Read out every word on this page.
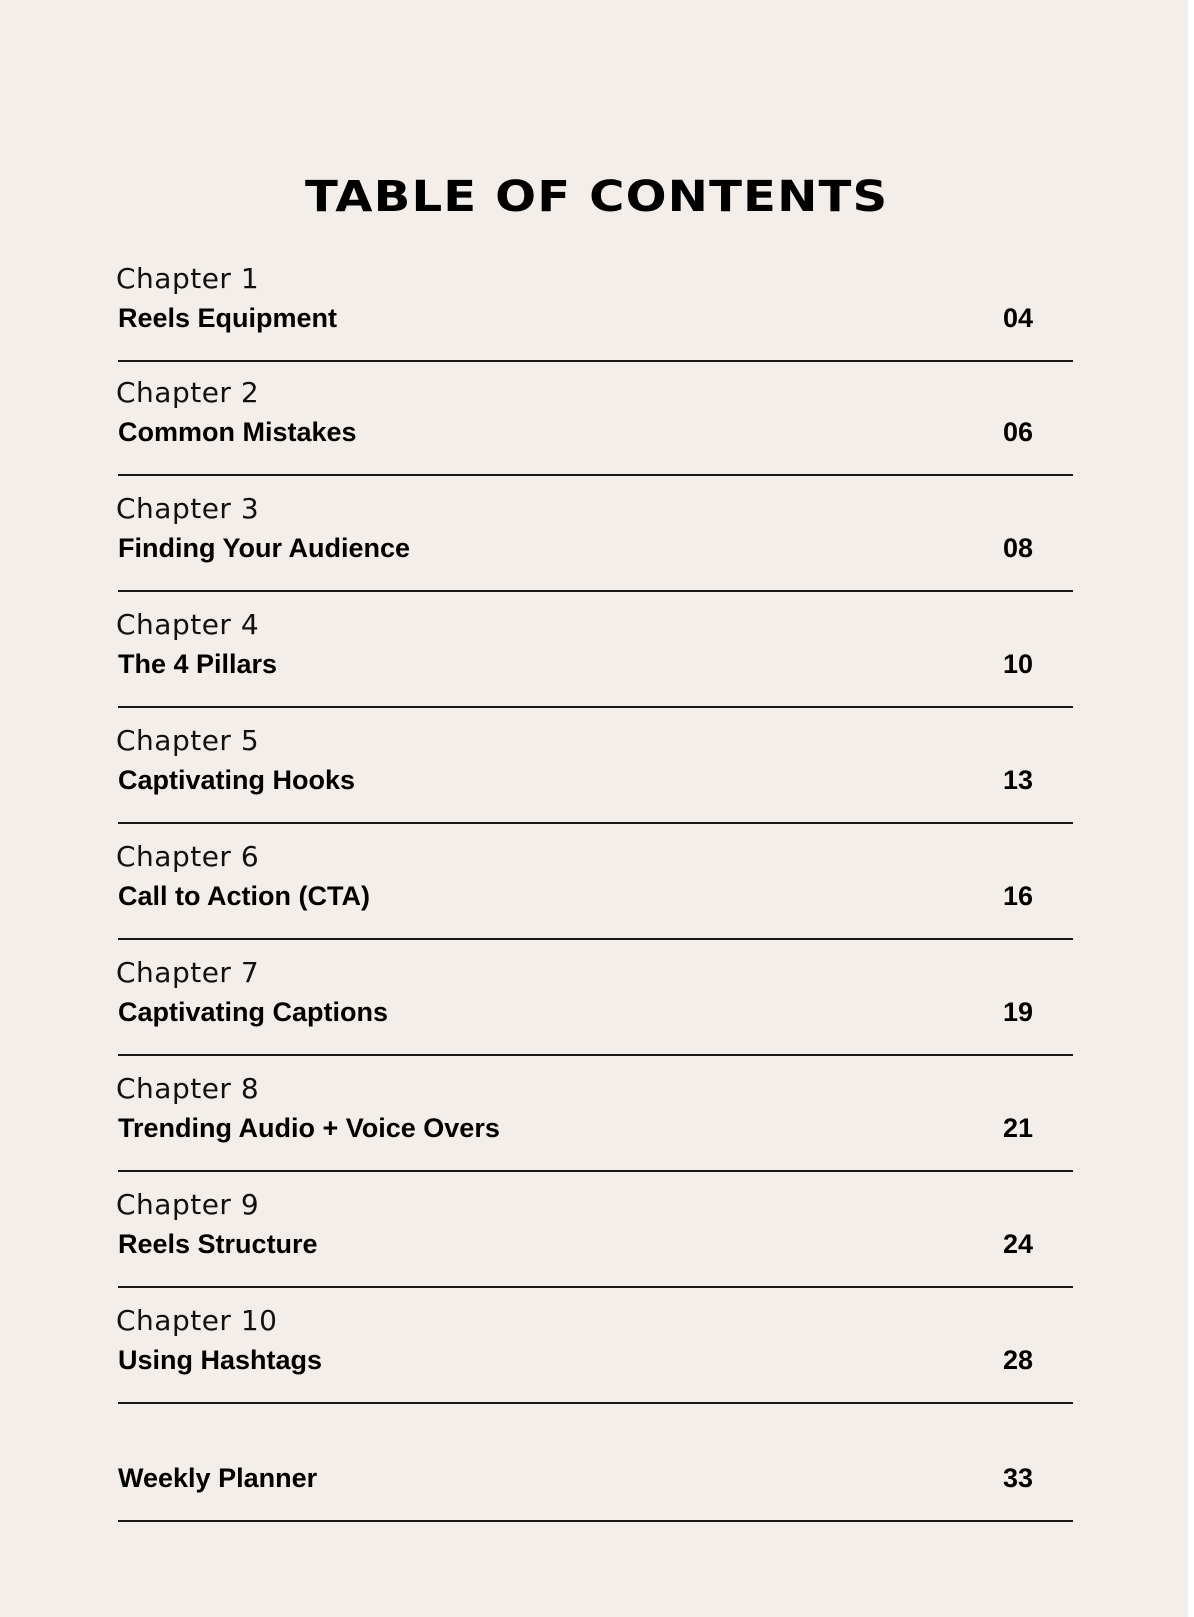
TABLE OF CONTENTS
Chapter 1
Reels Equipment	04
Chapter 2
Common Mistakes	06
Chapter 3
Finding Your Audience	08
Chapter 4
The 4 Pillars	10
Chapter 5
Captivating Hooks	13
Chapter 6
Call to Action (CTA)	16
Chapter 7
Captivating Captions	19
Chapter 8
Trending Audio + Voice Overs	21
Chapter 9
Reels Structure	24
Chapter 10
Using Hashtags	28
Weekly Planner	33
